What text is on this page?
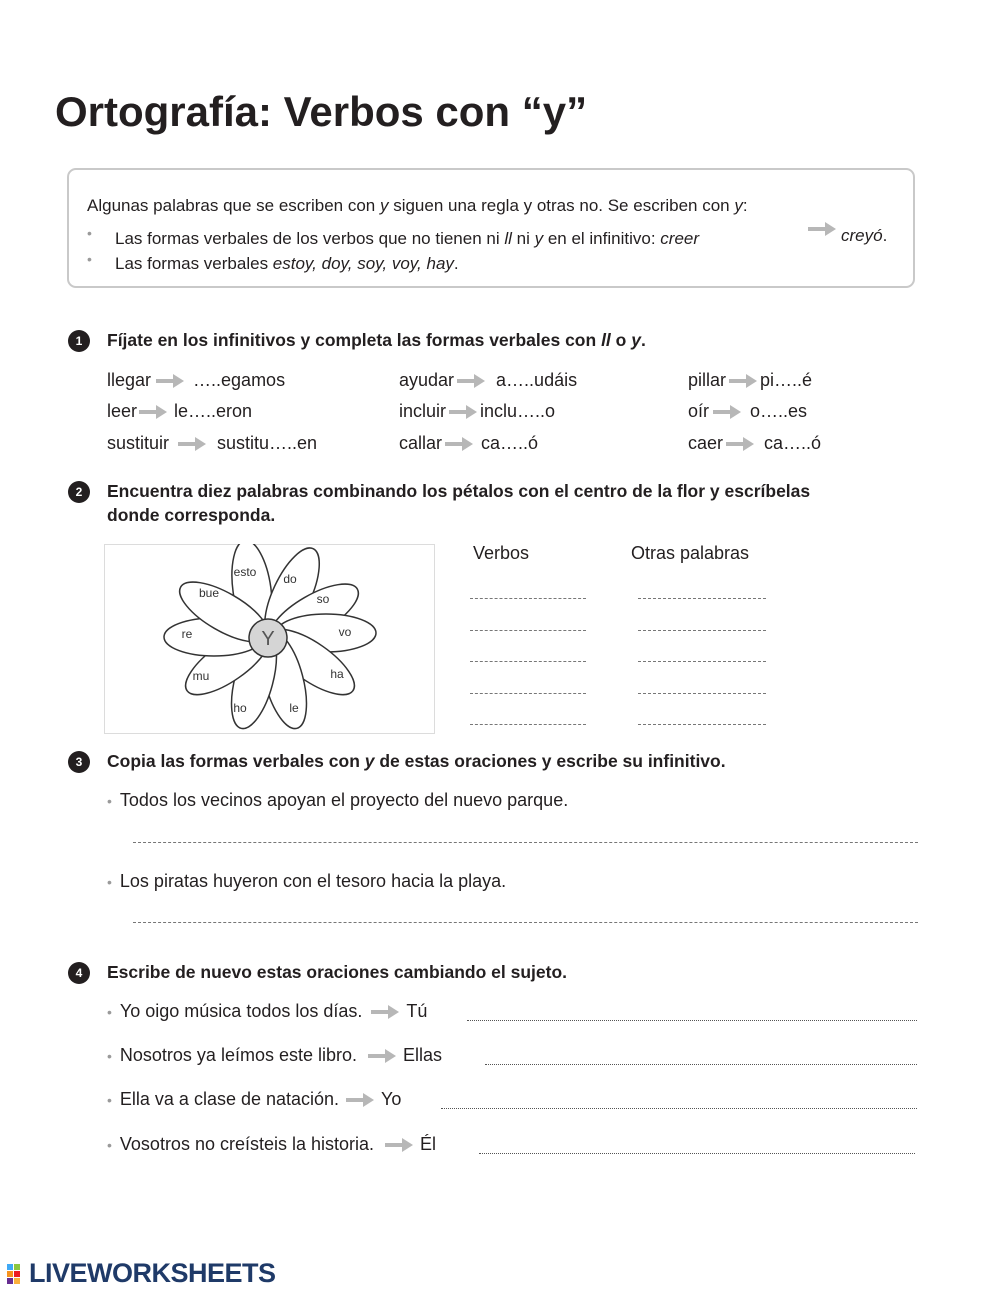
Ortografía: Verbos con “y”
Algunas palabras que se escriben con y siguen una regla y otras no. Se escriben con y:
• Las formas verbales de los verbos que no tienen ni ll ni y en el infinitivo: creer	creyó.
• Las formas verbales estoy, doy, soy, voy, hay.
1	Fíjate en los infinitivos y completa las formas verbales con ll o y.
llegar …..egamos	ayudar a…..udáis	pillar pi…..é
leer le…..eron	incluir inclu…..o	oír o…..es
sustituir	sustitu…..en	callar ca…..ó	caer ca…..ó
2	Encuentra diez palabras combinando los pétalos con el centro de la flor y escríbelas
donde corresponda.
esto do
so
vo
ha
le
ho
mu
re
bue
Y
Verbos	Otras palabras
3	Copia las formas verbales con y de estas oraciones y escribe su infinitivo.
• Todos los vecinos apoyan el proyecto del nuevo parque.
• Los piratas huyeron con el tesoro hacia la playa.
4	Escribe de nuevo estas oraciones cambiando el sujeto.
• Yo oigo música todos los días. Tú
• Nosotros ya leímos este libro.	Ellas
• Ella va a clase de natación. Yo
• Vosotros no creísteis la historia.	Él
LIVEWORKSHEETS
